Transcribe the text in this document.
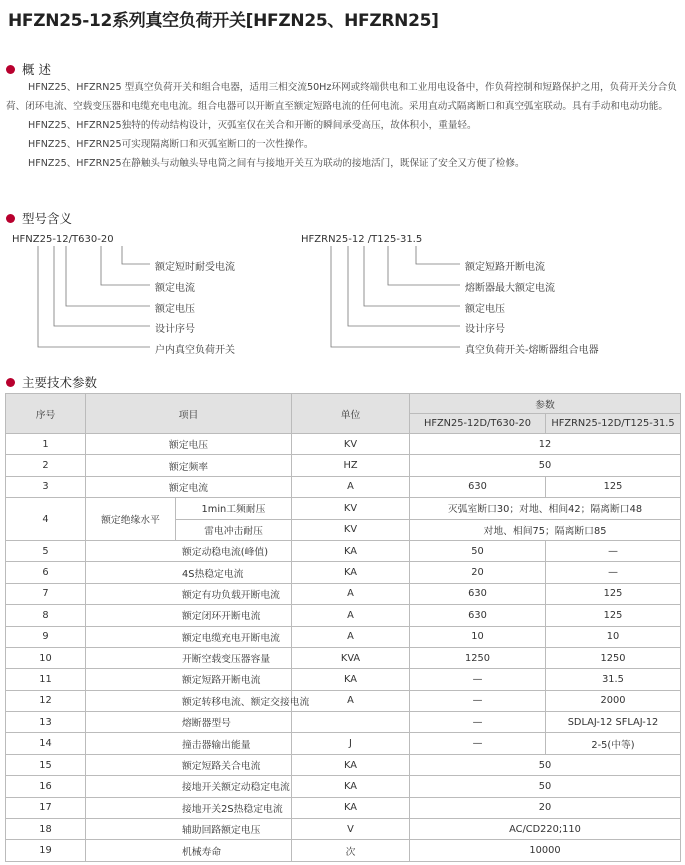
HFZN25-12系列真空负荷开关[HFZN25、HFZRN25]
概 述

HFNZ25、HFZRN25 型真空负荷开关和组合电器，适用三相交流50Hz环网或终端供电和工业用电设备中，作负荷控制和短路保护之用，负荷开关分合负荷、闭环电流、空载变压器和电缆充电电流。组合电器可以开断直至额定短路电流的任何电流。采用直动式隔离断口和真空弧室联动。具有手动和电动功能。

HFNZ25、HFZRN25独特的传动结构设计，灭弧室仅在关合和开断的瞬间承受高压，故体积小，重量轻。

HFNZ25、HFZRN25可实现隔离断口和灭弧室断口的一次性操作。

HFNZ25、HFZRN25在静触头与动触头导电筒之间有与接地开关互为联动的接地活门，既保证了安全又方便了检修。

型号含义
HFNZ25-12/T630-20	HFZRN25-12 /T125-31.5
额定短时耐受电流
额定电流
额定电压
设计序号
户内真空负荷开关
额定短路开断电流
熔断器最大额定电流
额定电压
设计序号
真空负荷开关-熔断器组合电器
主要技术参数
序号	项目		单位	参数	
				HFZN25-12D/T630-20	HFZRN25-12D/T125-31.5
1	额定电压		KV	12	
2	额定频率		HZ	50	
3	额定电流		A	630	125
4	额定绝缘水平	1min工频耐压	KV	灭弧室断口30；对地、相间42；隔离断口48	
		雷电冲击耐压	KV	对地、相间75；隔离断口85	
5	额定动稳电流(峰值)		KA	50	—
6	4S热稳定电流		KA	20	—
7	额定有功负载开断电流		A	630	125
8	额定闭环开断电流		A	630	125
9	额定电缆充电开断电流		A	10	10
10	开断空载变压器容量		KVA	1250	1250
11	额定短路开断电流		KA	—	31.5
12	额定转移电流、额定交接电流		A	—	2000
13	熔断器型号			—	SDLAJ-12 SFLAJ-12
14	撞击器输出能量		J	—	2-5(中等)
15	额定短路关合电流		KA	50	
16	接地开关额定动稳定电流		KA	50	
17	接地开关2S热稳定电流		KA	20	
18	辅助回路额定电压		V	AC/CD220;110	
19	机械寿命		次	10000	
